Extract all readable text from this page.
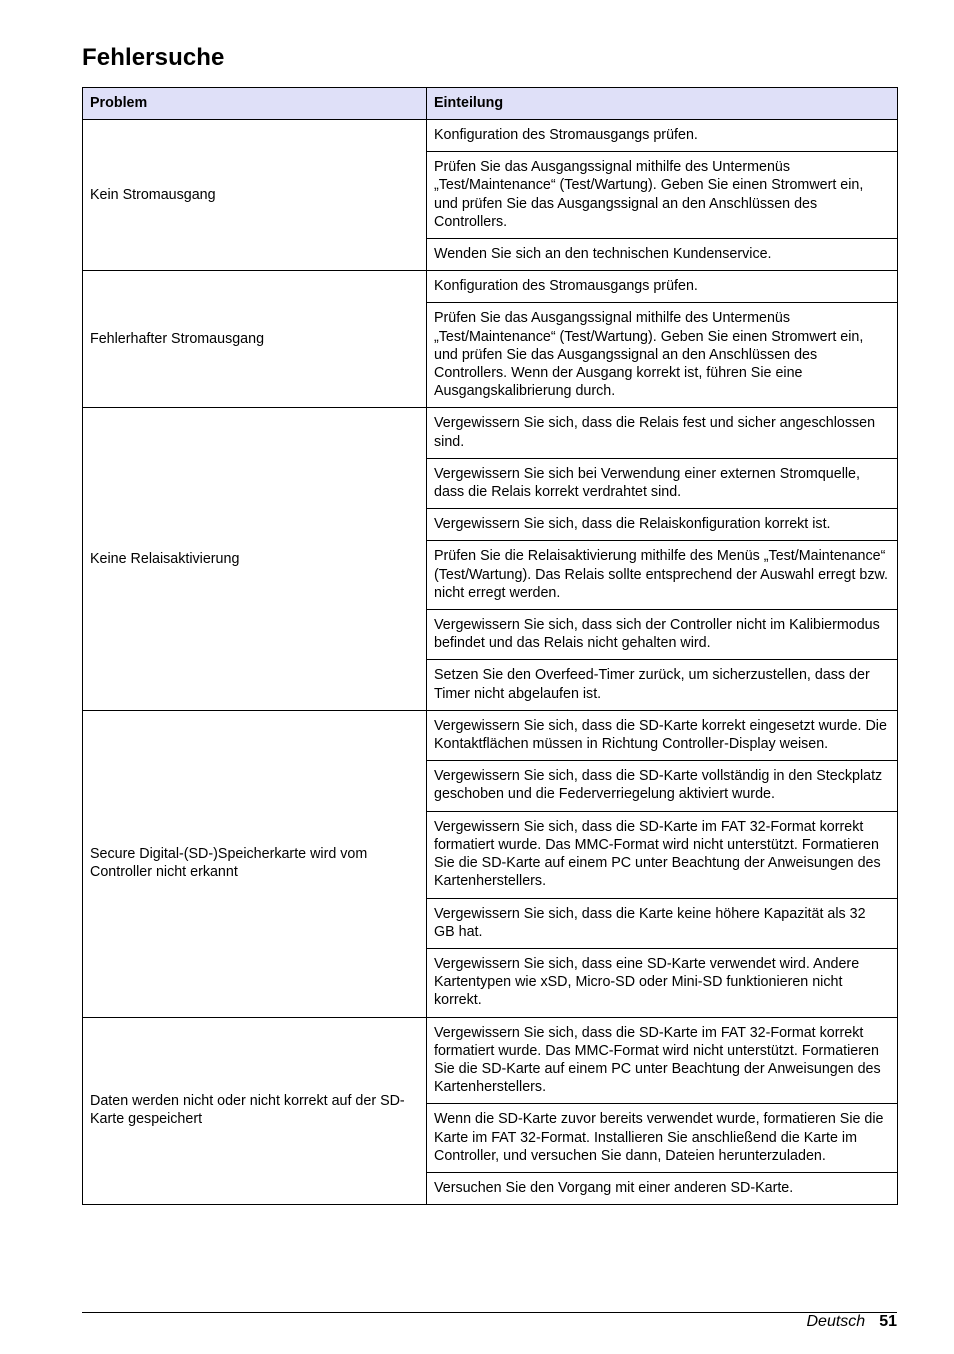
Fehlersuche
Problem	Einteilung
Kein Stromausgang	Konfiguration des Stromausgangs prüfen.
	Prüfen Sie das Ausgangssignal mithilfe des Untermenüs „Test/Maintenance“ (Test/Wartung). Geben Sie einen Stromwert ein, und prüfen Sie das Ausgangssignal an den Anschlüssen des Controllers.
	Wenden Sie sich an den technischen Kundenservice.
Fehlerhafter Stromausgang	Konfiguration des Stromausgangs prüfen.
	Prüfen Sie das Ausgangssignal mithilfe des Untermenüs „Test/Maintenance“ (Test/Wartung). Geben Sie einen Stromwert ein, und prüfen Sie das Ausgangssignal an den Anschlüssen des Controllers. Wenn der Ausgang korrekt ist, führen Sie eine Ausgangskalibrierung durch.
Keine Relaisaktivierung	Vergewissern Sie sich, dass die Relais fest und sicher angeschlossen sind.
	Vergewissern Sie sich bei Verwendung einer externen Stromquelle, dass die Relais korrekt verdrahtet sind.
	Vergewissern Sie sich, dass die Relaiskonfiguration korrekt ist.
	Prüfen Sie die Relaisaktivierung mithilfe des Menüs „Test/Maintenance“ (Test/Wartung). Das Relais sollte entsprechend der Auswahl erregt bzw. nicht erregt werden.
	Vergewissern Sie sich, dass sich der Controller nicht im Kalibiermodus befindet und das Relais nicht gehalten wird.
	Setzen Sie den Overfeed-Timer zurück, um sicherzustellen, dass der Timer nicht abgelaufen ist.
Secure Digital-(SD-)Speicherkarte wird vom Controller nicht erkannt	Vergewissern Sie sich, dass die SD-Karte korrekt eingesetzt wurde. Die Kontaktflächen müssen in Richtung Controller-Display weisen.
	Vergewissern Sie sich, dass die SD-Karte vollständig in den Steckplatz geschoben und die Federverriegelung aktiviert wurde.
	Vergewissern Sie sich, dass die SD-Karte im FAT 32-Format korrekt formatiert wurde. Das MMC-Format wird nicht unterstützt. Formatieren Sie die SD-Karte auf einem PC unter Beachtung der Anweisungen des Kartenherstellers.
	Vergewissern Sie sich, dass die Karte keine höhere Kapazität als 32 GB hat.
	Vergewissern Sie sich, dass eine SD-Karte verwendet wird. Andere Kartentypen wie xSD, Micro-SD oder Mini-SD funktionieren nicht korrekt.
Daten werden nicht oder nicht korrekt auf der SD-Karte gespeichert	Vergewissern Sie sich, dass die SD-Karte im FAT 32-Format korrekt formatiert wurde. Das MMC-Format wird nicht unterstützt. Formatieren Sie die SD-Karte auf einem PC unter Beachtung der Anweisungen des Kartenherstellers.
	Wenn die SD-Karte zuvor bereits verwendet wurde, formatieren Sie die Karte im FAT 32-Format. Installieren Sie anschließend die Karte im Controller, und versuchen Sie dann, Dateien herunterzuladen.
	Versuchen Sie den Vorgang mit einer anderen SD-Karte.
Deutsch 51
